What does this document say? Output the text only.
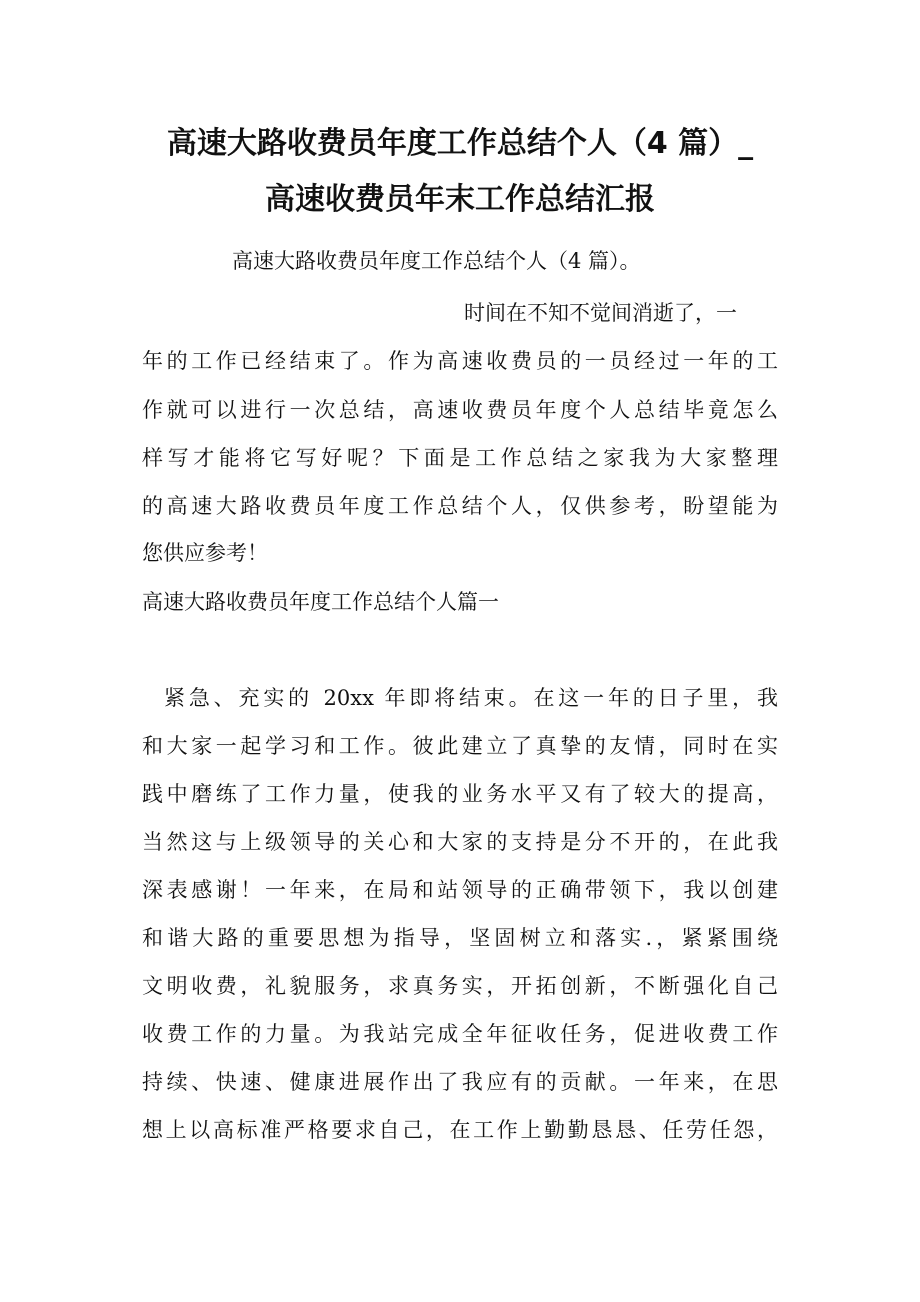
高速大路收费员年度工作总结个人（4 篇）_
高速收费员年末工作总结汇报
高速大路收费员年度工作总结个人（4 篇）。
时间在不知不觉间消逝了，一
年的工作已经结束了。作为高速收费员的一员经过一年的工
作就可以进行一次总结，高速收费员年度个人总结毕竟怎么
样写才能将它写好呢？下面是工作总结之家我为大家整理
的高速大路收费员年度工作总结个人，仅供参考，盼望能为
您供应参考！
高速大路收费员年度工作总结个人篇一
紧急、充实的 20xx 年即将结束。在这一年的日子里，我
和大家一起学习和工作。彼此建立了真挚的友情，同时在实
践中磨练了工作力量，使我的业务水平又有了较大的提高，
当然这与上级领导的关心和大家的支持是分不开的，在此我
深表感谢！一年来，在局和站领导的正确带领下，我以创建
和谐大路的重要思想为指导，坚固树立和落实.，紧紧围绕
文明收费，礼貌服务，求真务实，开拓创新，不断强化自己
收费工作的力量。为我站完成全年征收任务，促进收费工作
持续、快速、健康进展作出了我应有的贡献。一年来，在思
想上以高标准严格要求自己，在工作上勤勤恳恳、任劳任怨，
